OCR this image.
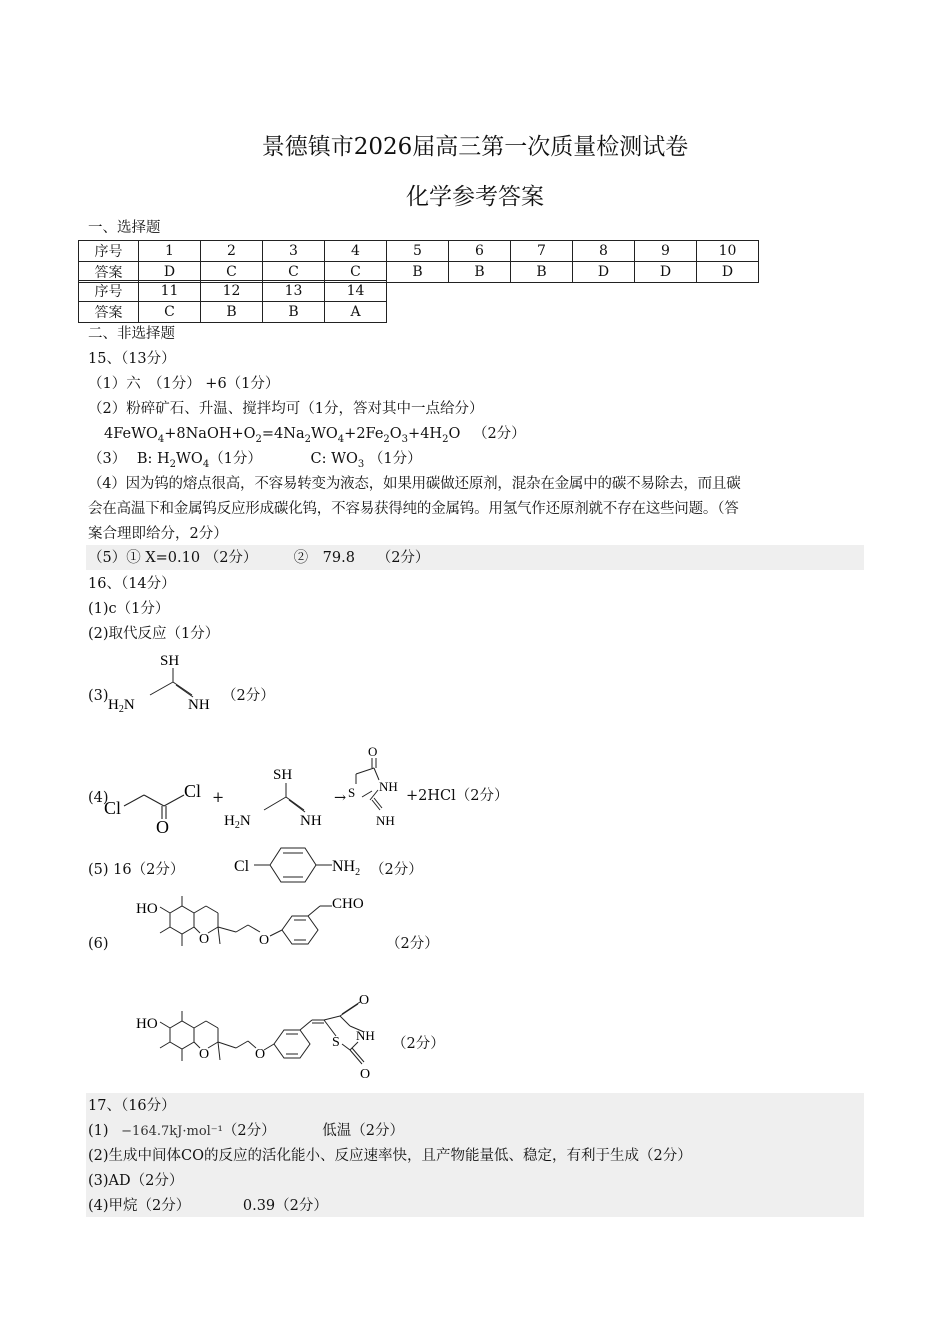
景德镇市2026届高三第一次质量检测试卷
化学参考答案
一、选择题
序号	1	2	3	4	5	6	7	8	9	10
答案	D	C	C	C	B	B	B	D	D	D
序号	11	12	13	14
答案	C	B	B	A
二、非选择题
15、（13分）
（1）六　（1分） +6（1分）
（2）粉碎矿石、升温、搅拌均可（1分，答对其中一点给分）
$4FeWO_4+8NaOH+O_2=4Na_2WO_4+2Fe_2O_3+4H_2O$ （2分）
（3） B: $H_2WO_4(1$分）	C: $WO_3$ （1分）
（4）因为钨的熔点很高，不容易转变为液态，如果用碳做还原剂，混杂在金属中的碳不易除去，而且碳
会在高温下和金属钨反应形成碳化钨，不容易获得纯的金属钨。用氢气作还原剂就不存在这些问题。（答
案合理即给分，2分）
（5）① X=0.10 （2分）　　　②　79.8　　（2分）
16、（14分）
(1)c（1分）
(2)取代反应（1分）
(3)
SH
$H_2N$	NH
（2分）
(4)
Cl
Cl
O
+
SH
$H_2N$	NH
→
O
S NH
NH
+2HCl（2分）
(5) 16（2分）	Cl	$NH_2$ （2分）
(6)
HO
O	O
CHO
（2分）
HO
O	O
O
S NH
O
（2分）
17、（16分）
(1) −164.7kJ·mol⁻¹（2分）	低温（2分）
(2)生成中间体CO的反应的活化能小、反应速率快，且产物能量低、稳定，有利于生成（2分）
(3)AD（2分）
(4)甲烷（2分）	0.39（2分）
